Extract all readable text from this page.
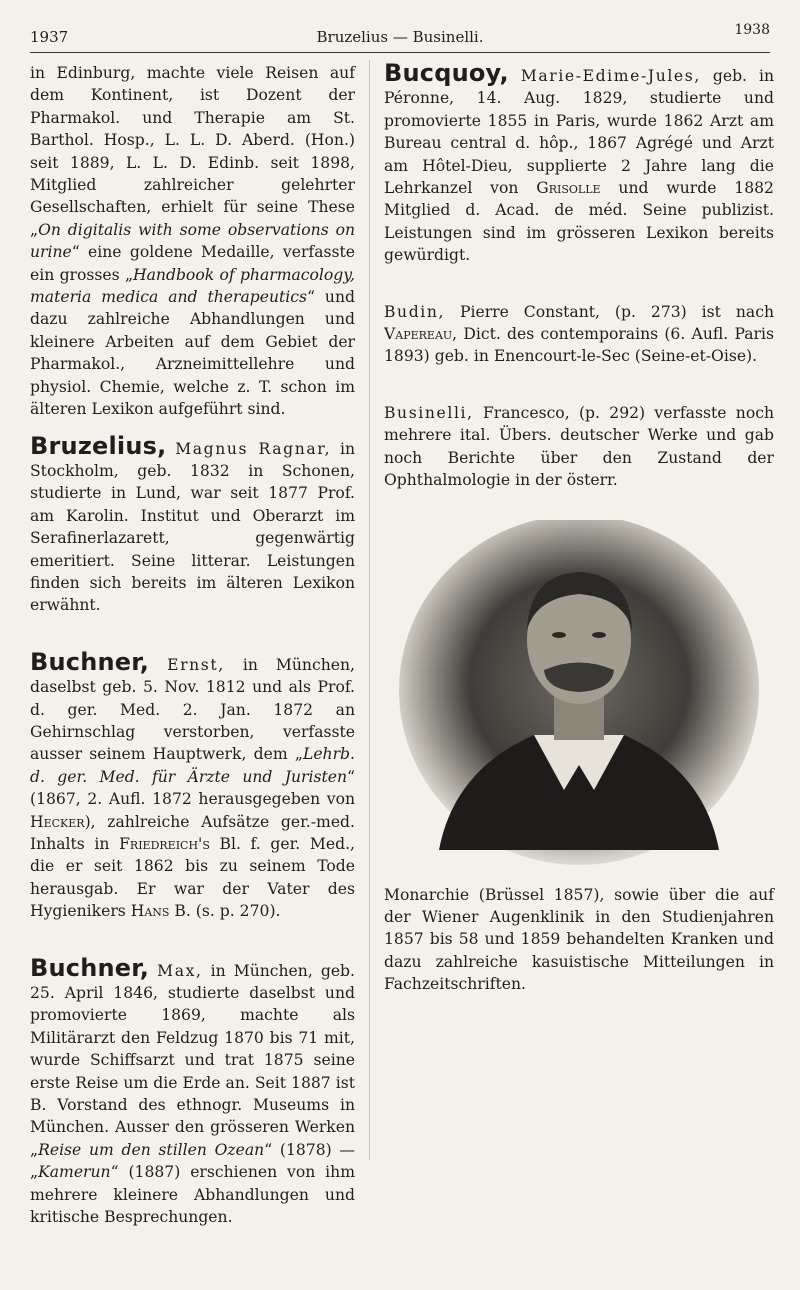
1937	Bruzelius — Businelli.	1938

in Edinburg, machte viele Reisen auf dem Kontinent, ist Dozent der Pharmakol. und Therapie am St. Barthol. Hosp., L. L. D. Aberd. (Hon.) seit 1889, L. L. D. Edinb. seit 1898, Mitglied zahlreicher gelehrter Gesellschaften, erhielt für seine These „On digitalis with some observations on urine“ eine goldene Medaille, verfasste ein grosses „Handbook of pharmacology, materia medica and therapeutics“ und dazu zahlreiche Abhandlungen und kleinere Arbeiten auf dem Gebiet der Pharmakol., Arzneimittellehre und physiol. Chemie, welche z. T. schon im älteren Lexikon aufgeführt sind.

Bruzelius, Magnus Ragnar, in Stockholm, geb. 1832 in Schonen, studierte in Lund, war seit 1877 Prof. am Karolin. Institut und Oberarzt im Serafinerlazarett, gegenwärtig emeritiert. Seine litterar. Leistungen finden sich bereits im älteren Lexikon erwähnt.

Buchner, Ernst, in München, daselbst geb. 5. Nov. 1812 und als Prof. d. ger. Med. 2. Jan. 1872 an Gehirnschlag verstorben, verfasste ausser seinem Hauptwerk, dem „Lehrb. d. ger. Med. für Ärzte und Juristen“ (1867, 2. Aufl. 1872 herausgegeben von Hecker), zahlreiche Aufsätze ger.-med. Inhalts in Friedreich's Bl. f. ger. Med., die er seit 1862 bis zu seinem Tode herausgab. Er war der Vater des Hygienikers Hans B. (s. p. 270).

Buchner, Max, in München, geb. 25. April 1846, studierte daselbst und promovierte 1869, machte als Militärarzt den Feldzug 1870 bis 71 mit, wurde Schiffsarzt und trat 1875 seine erste Reise um die Erde an. Seit 1887 ist B. Vorstand des ethnogr. Museums in München. Ausser den grösseren Werken „Reise um den stillen Ozean“ (1878) — „Kamerun“ (1887) erschienen von ihm mehrere kleinere Abhandlungen und kritische Besprechungen.

Bucquoy, Marie-Edime-Jules, geb. in Péronne, 14. Aug. 1829, studierte und promovierte 1855 in Paris, wurde 1862 Arzt am Bureau central d. hôp., 1867 Agrégé und Arzt am Hôtel-Dieu, supplierte 2 Jahre lang die Lehrkanzel von Grisolle und wurde 1882 Mitglied d. Acad. de méd. Seine publizist. Leistungen sind im grösseren Lexikon bereits gewürdigt.

Budin, Pierre Constant, (p. 273) ist nach Vapereau, Dict. des contemporains (6. Aufl. Paris 1893) geb. in Enencourt-le-Sec (Seine-et-Oise).

Businelli, Francesco, (p. 292) verfasste noch mehrere ital. Übers. deutscher Werke und gab noch Berichte über den Zustand der Ophthalmologie in der österr.

Monarchie (Brüssel 1857), sowie über die auf der Wiener Augenklinik in den Studienjahren 1857 bis 58 und 1859 behandelten Kranken und dazu zahlreiche kasuistische Mitteilungen in Fachzeitschriften.
